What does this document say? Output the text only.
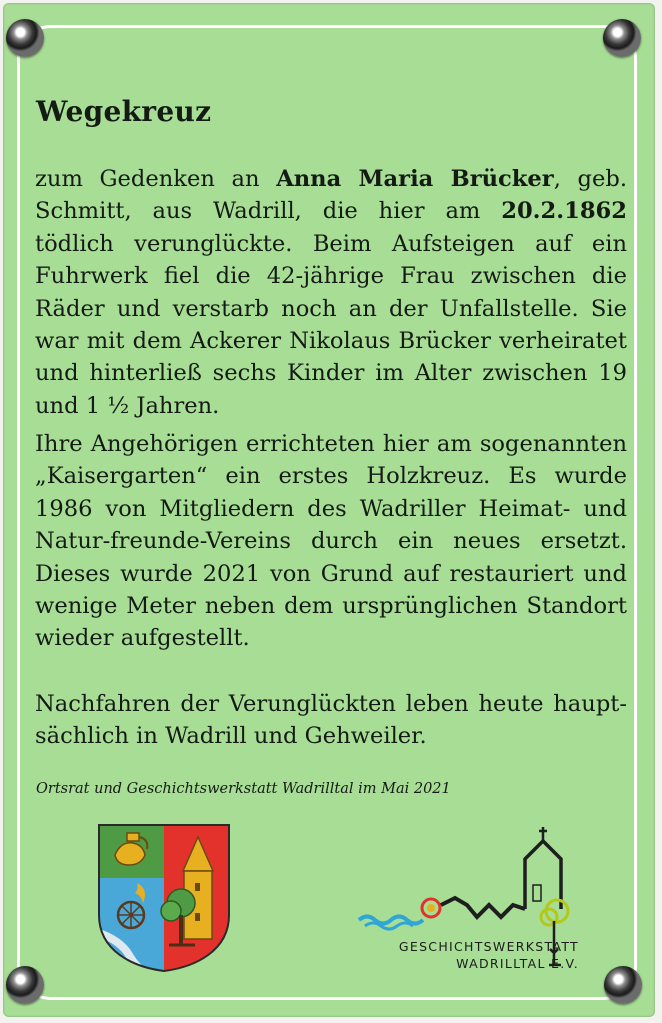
Wegekreuz

zum Gedenken an Anna Maria Brücker, geb. Schmitt, aus Wadrill, die hier am 20.2.1862 tödlich verunglückte. Beim Aufsteigen auf ein Fuhrwerk fiel die 42-jährige Frau zwischen die Räder und verstarb noch an der Unfallstelle. Sie war mit dem Ackerer Nikolaus Brücker verheiratet und hinterließ sechs Kinder im Alter zwischen 19 und 1 ½ Jahren.

Ihre Angehörigen errichteten hier am sogenannten „Kaisergarten“ ein erstes Holzkreuz. Es wurde 1986 von Mitgliedern des Wadriller Heimat- und Natur-freunde-Vereins durch ein neues ersetzt. Dieses wurde 2021 von Grund auf restauriert und wenige Meter neben dem ursprünglichen Standort wieder aufgestellt.

Nachfahren der Verunglückten leben heute haupt-sächlich in Wadrill und Gehweiler.

Ortsrat und Geschichtswerkstatt Wadrilltal im Mai 2021

GESCHICHTSWERKSTATT

WADRILLTAL E.V.
